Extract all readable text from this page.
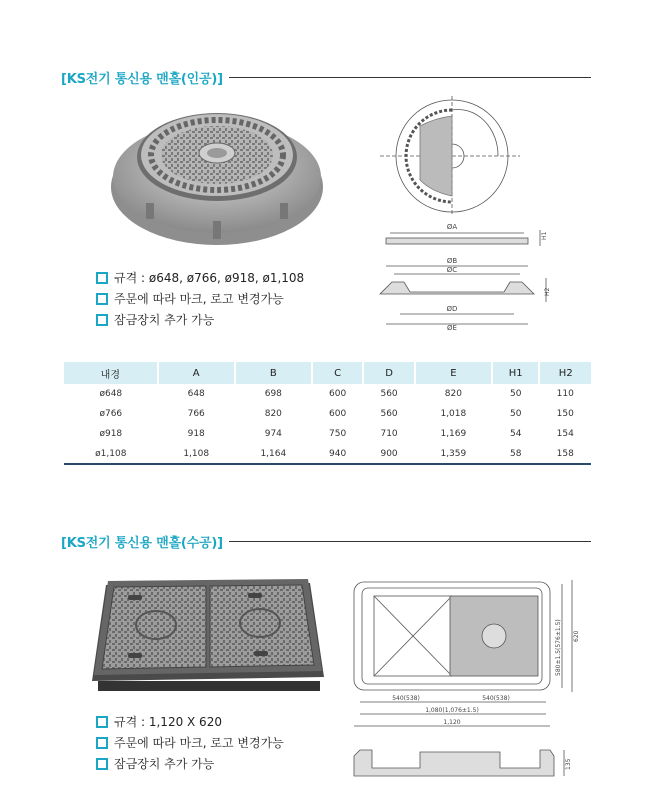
[KS전기 통신용 맨홀(인공)]
ØA
H1
ØB
ØC
ØD
ØE
H2
규격 : ø648, ø766, ø918, ø1,108
주문에 따라 마크, 로고 변경가능
잠금장치 추가 가능
내경	A	B	C	D	E	H1	H2
ø648	648	698	600	560	820	50	110
ø766	766	820	600	560	1,018	50	150
ø918	918	974	750	710	1,169	54	154
ø1,108	1,108	1,164	940	900	1,359	58	158
[KS전기 통신용 맨홀(수공)]
540(538)	540(538)
1,080(1,076±1.5)
1,120
580±1.5(576±1.5) 620
135
규격 : 1,120 X 620
주문에 따라 마크, 로고 변경가능
잠금장치 추가 가능
